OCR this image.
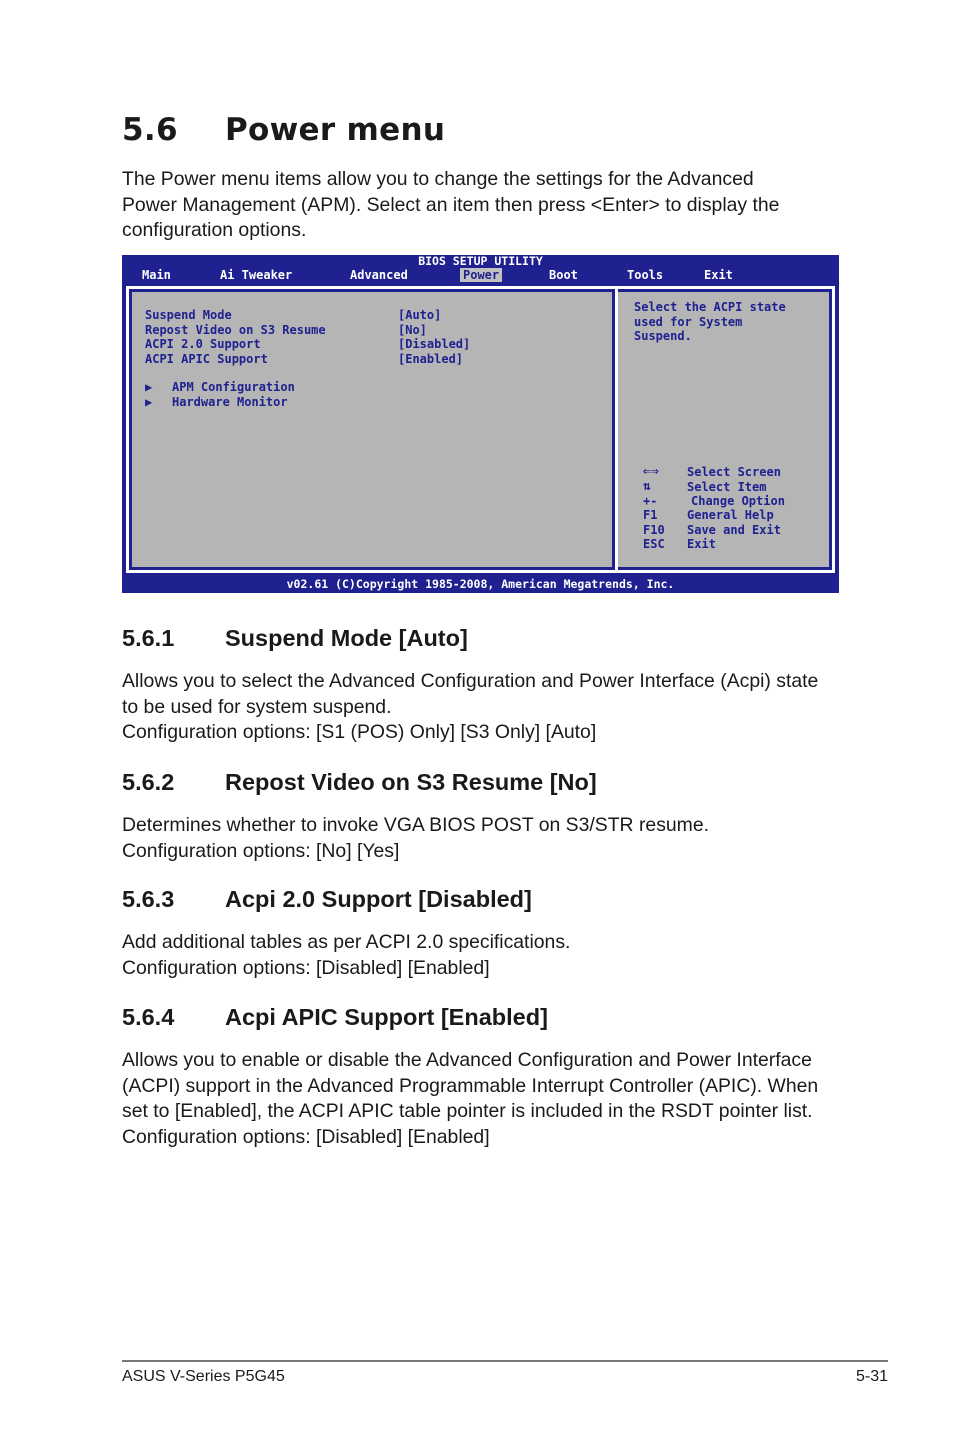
5.6 Power menu

The Power menu items allow you to change the settings for the Advanced
Power Management (APM). Select an item then press <Enter> to display the
configuration options.

BIOS SETUP UTILITY
Main	Ai Tweaker	Advanced	Power	Boot	Tools	Exit
Suspend Mode	[Auto]
Repost Video on S3 Resume	[No]
ACPI 2.0 Support	[Disabled]
ACPI APIC Support	[Enabled]
▶ APM Configuration
▶ Hardware Monitor
Select the ACPI state
used for System
Suspend.
⇐⇒ Select Screen
⇅	Select Item
+-	Change Option
F1 General Help
F10 Save and Exit
ESC Exit
v02.61 (C)Copyright 1985-2008, American Megatrends, Inc.
5.6.1 Suspend Mode [Auto]

Allows you to select the Advanced Configuration and Power Interface (Acpi) state
to be used for system suspend.
Configuration options: [S1 (POS) Only] [S3 Only] [Auto]

5.6.2 Repost Video on S3 Resume [No]

Determines whether to invoke VGA BIOS POST on S3/STR resume.
Configuration options: [No] [Yes]

5.6.3 Acpi 2.0 Support [Disabled]

Add additional tables as per ACPI 2.0 specifications.
Configuration options: [Disabled] [Enabled]

5.6.4 Acpi APIC Support [Enabled]

Allows you to enable or disable the Advanced Configuration and Power Interface
(ACPI) support in the Advanced Programmable Interrupt Controller (APIC). When
set to [Enabled], the ACPI APIC table pointer is included in the RSDT pointer list.
Configuration options: [Disabled] [Enabled]

ASUS V-Series P5G45	5-31
